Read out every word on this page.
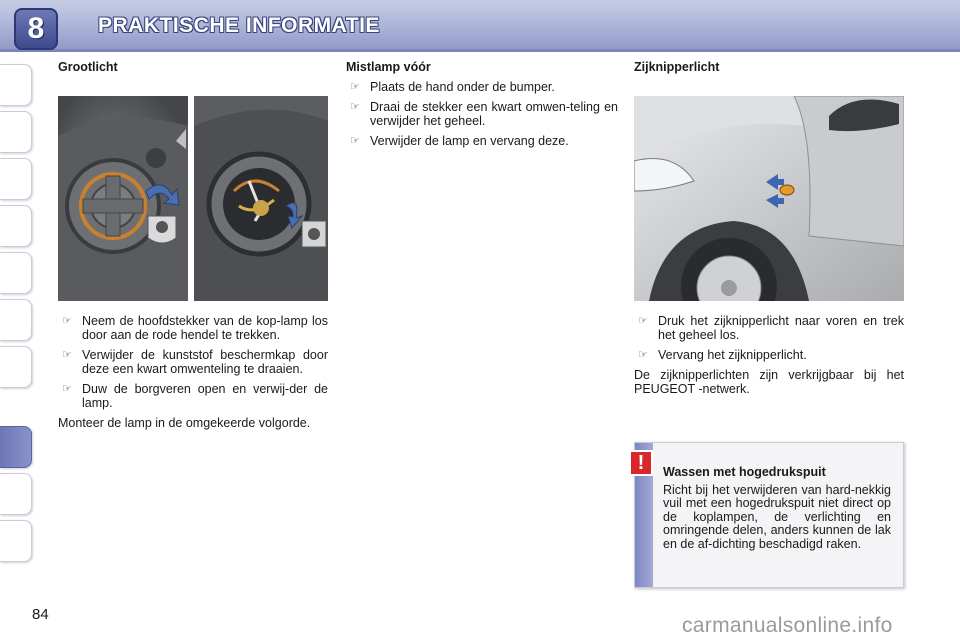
8	PRAKTISCHE INFORMATIE
Grootlicht
☞ Neem de hoofdstekker van de kop-lamp los door aan de rode hendel te trekken.
☞ Verwijder de kunststof beschermkap door deze een kwart omwenteling te draaien.
☞ Duw de borgveren open en verwij-der de lamp.
Monteer de lamp in de omgekeerde volgorde.
Mistlamp vóór
☞ Plaats de hand onder de bumper.
☞ Draai de stekker een kwart omwen-teling en verwijder het geheel.
☞ Verwijder de lamp en vervang deze.
Zijknipperlicht
☞ Druk het zijknipperlicht naar voren en trek het geheel los.
☞ Vervang het zijknipperlicht.
De zijknipperlichten zijn verkrijgbaar bij het PEUGEOT -netwerk.
!	Wassen met hogedrukspuit
Richt bij het verwijderen van hard-nekkig vuil met een hogedrukspuit niet direct op de koplampen, de verlichting en omringende delen, anders kunnen de lak en de af-dichting beschadigd raken.
84	carmanualsonline.info
